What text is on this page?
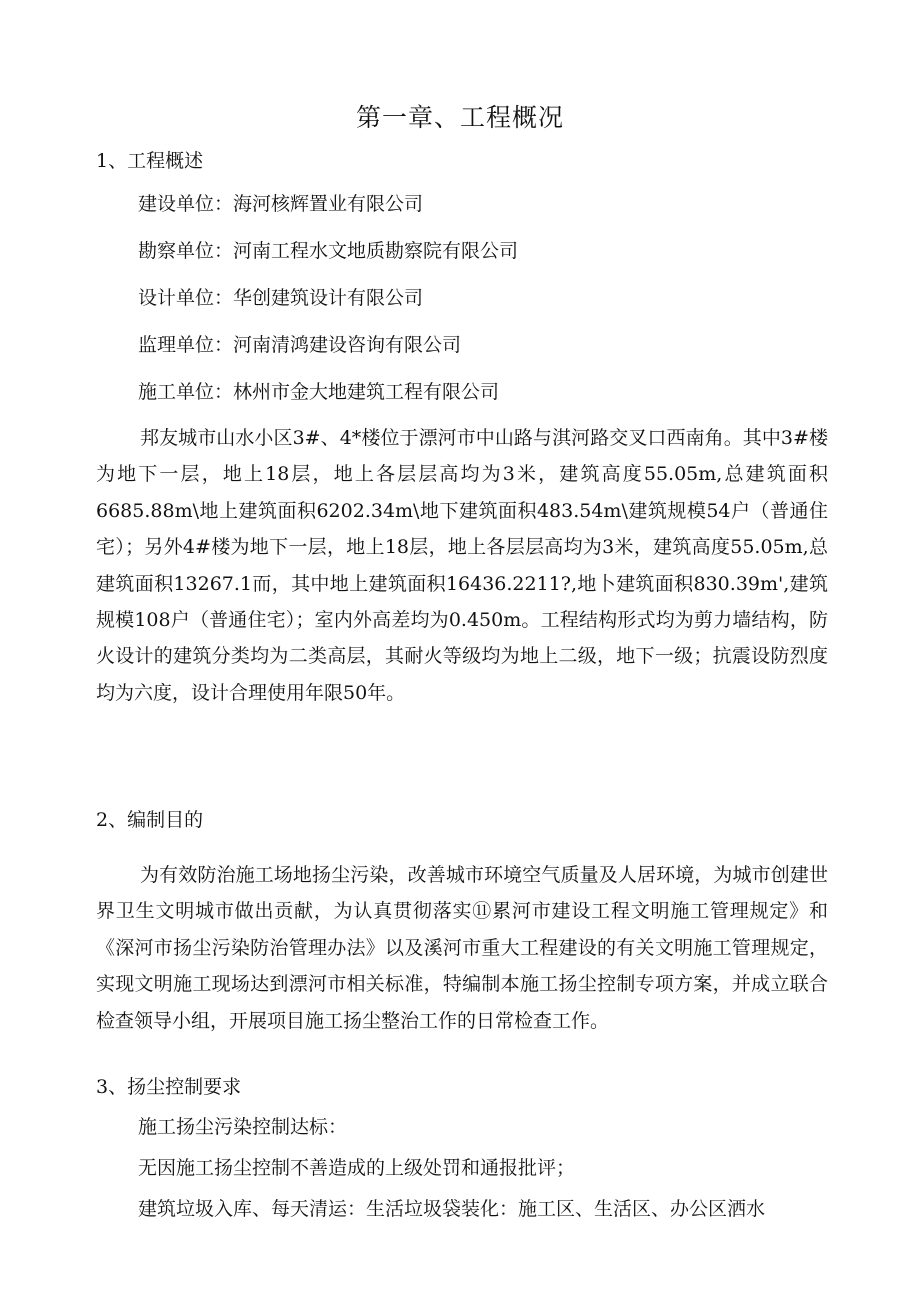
第一章、工程概况
1、工程概述
建设单位：海河核辉置业有限公司
勘察单位：河南工程水文地质勘察院有限公司
设计单位：华创建筑设计有限公司
监理单位：河南清鸿建设咨询有限公司
施工单位：林州市金大地建筑工程有限公司

邦友城市山水小区3#、4*楼位于漂河市中山路与淇河路交叉口西南角。其中3#楼为地下一层，地上18层，地上各层层高均为3米，建筑高度55.05m,总建筑面积6685.88m\地上建筑面积6202.34m\地下建筑面积483.54m\建筑规模54户（普通住宅）；另外4#楼为地下一层，地上18层，地上各层层高均为3米，建筑高度55.05m,总建筑面积13267.1而，其中地上建筑面积16436.2211?,地卜建筑面积830.39m',建筑规模108户（普通住宅）；室内外高差均为0.450m。工程结构形式均为剪力墙结构，防火设计的建筑分类均为二类高层，其耐火等级均为地上二级，地下一级；抗震设防烈度均为六度，设计合理使用年限50年。

2、编制目的

为有效防治施工场地扬尘污染，改善城市环境空气质量及人居环境，为城市创建世界卫生文明城市做出贡献，为认真贯彻落实⑪累河市建设工程文明施工管理规定》和《深河市扬尘污染防治管理办法》以及溪河市重大工程建设的有关文明施工管理规定，实现文明施工现场达到漂河市相关标准，特编制本施工扬尘控制专项方案，并成立联合检查领导小组，开展项目施工扬尘整治工作的日常检查工作。

3、扬尘控制要求
施工扬尘污染控制达标：
无因施工扬尘控制不善造成的上级处罚和通报批评；
建筑垃圾入库、每天清运：生活垃圾袋装化：施工区、生活区、办公区洒水
